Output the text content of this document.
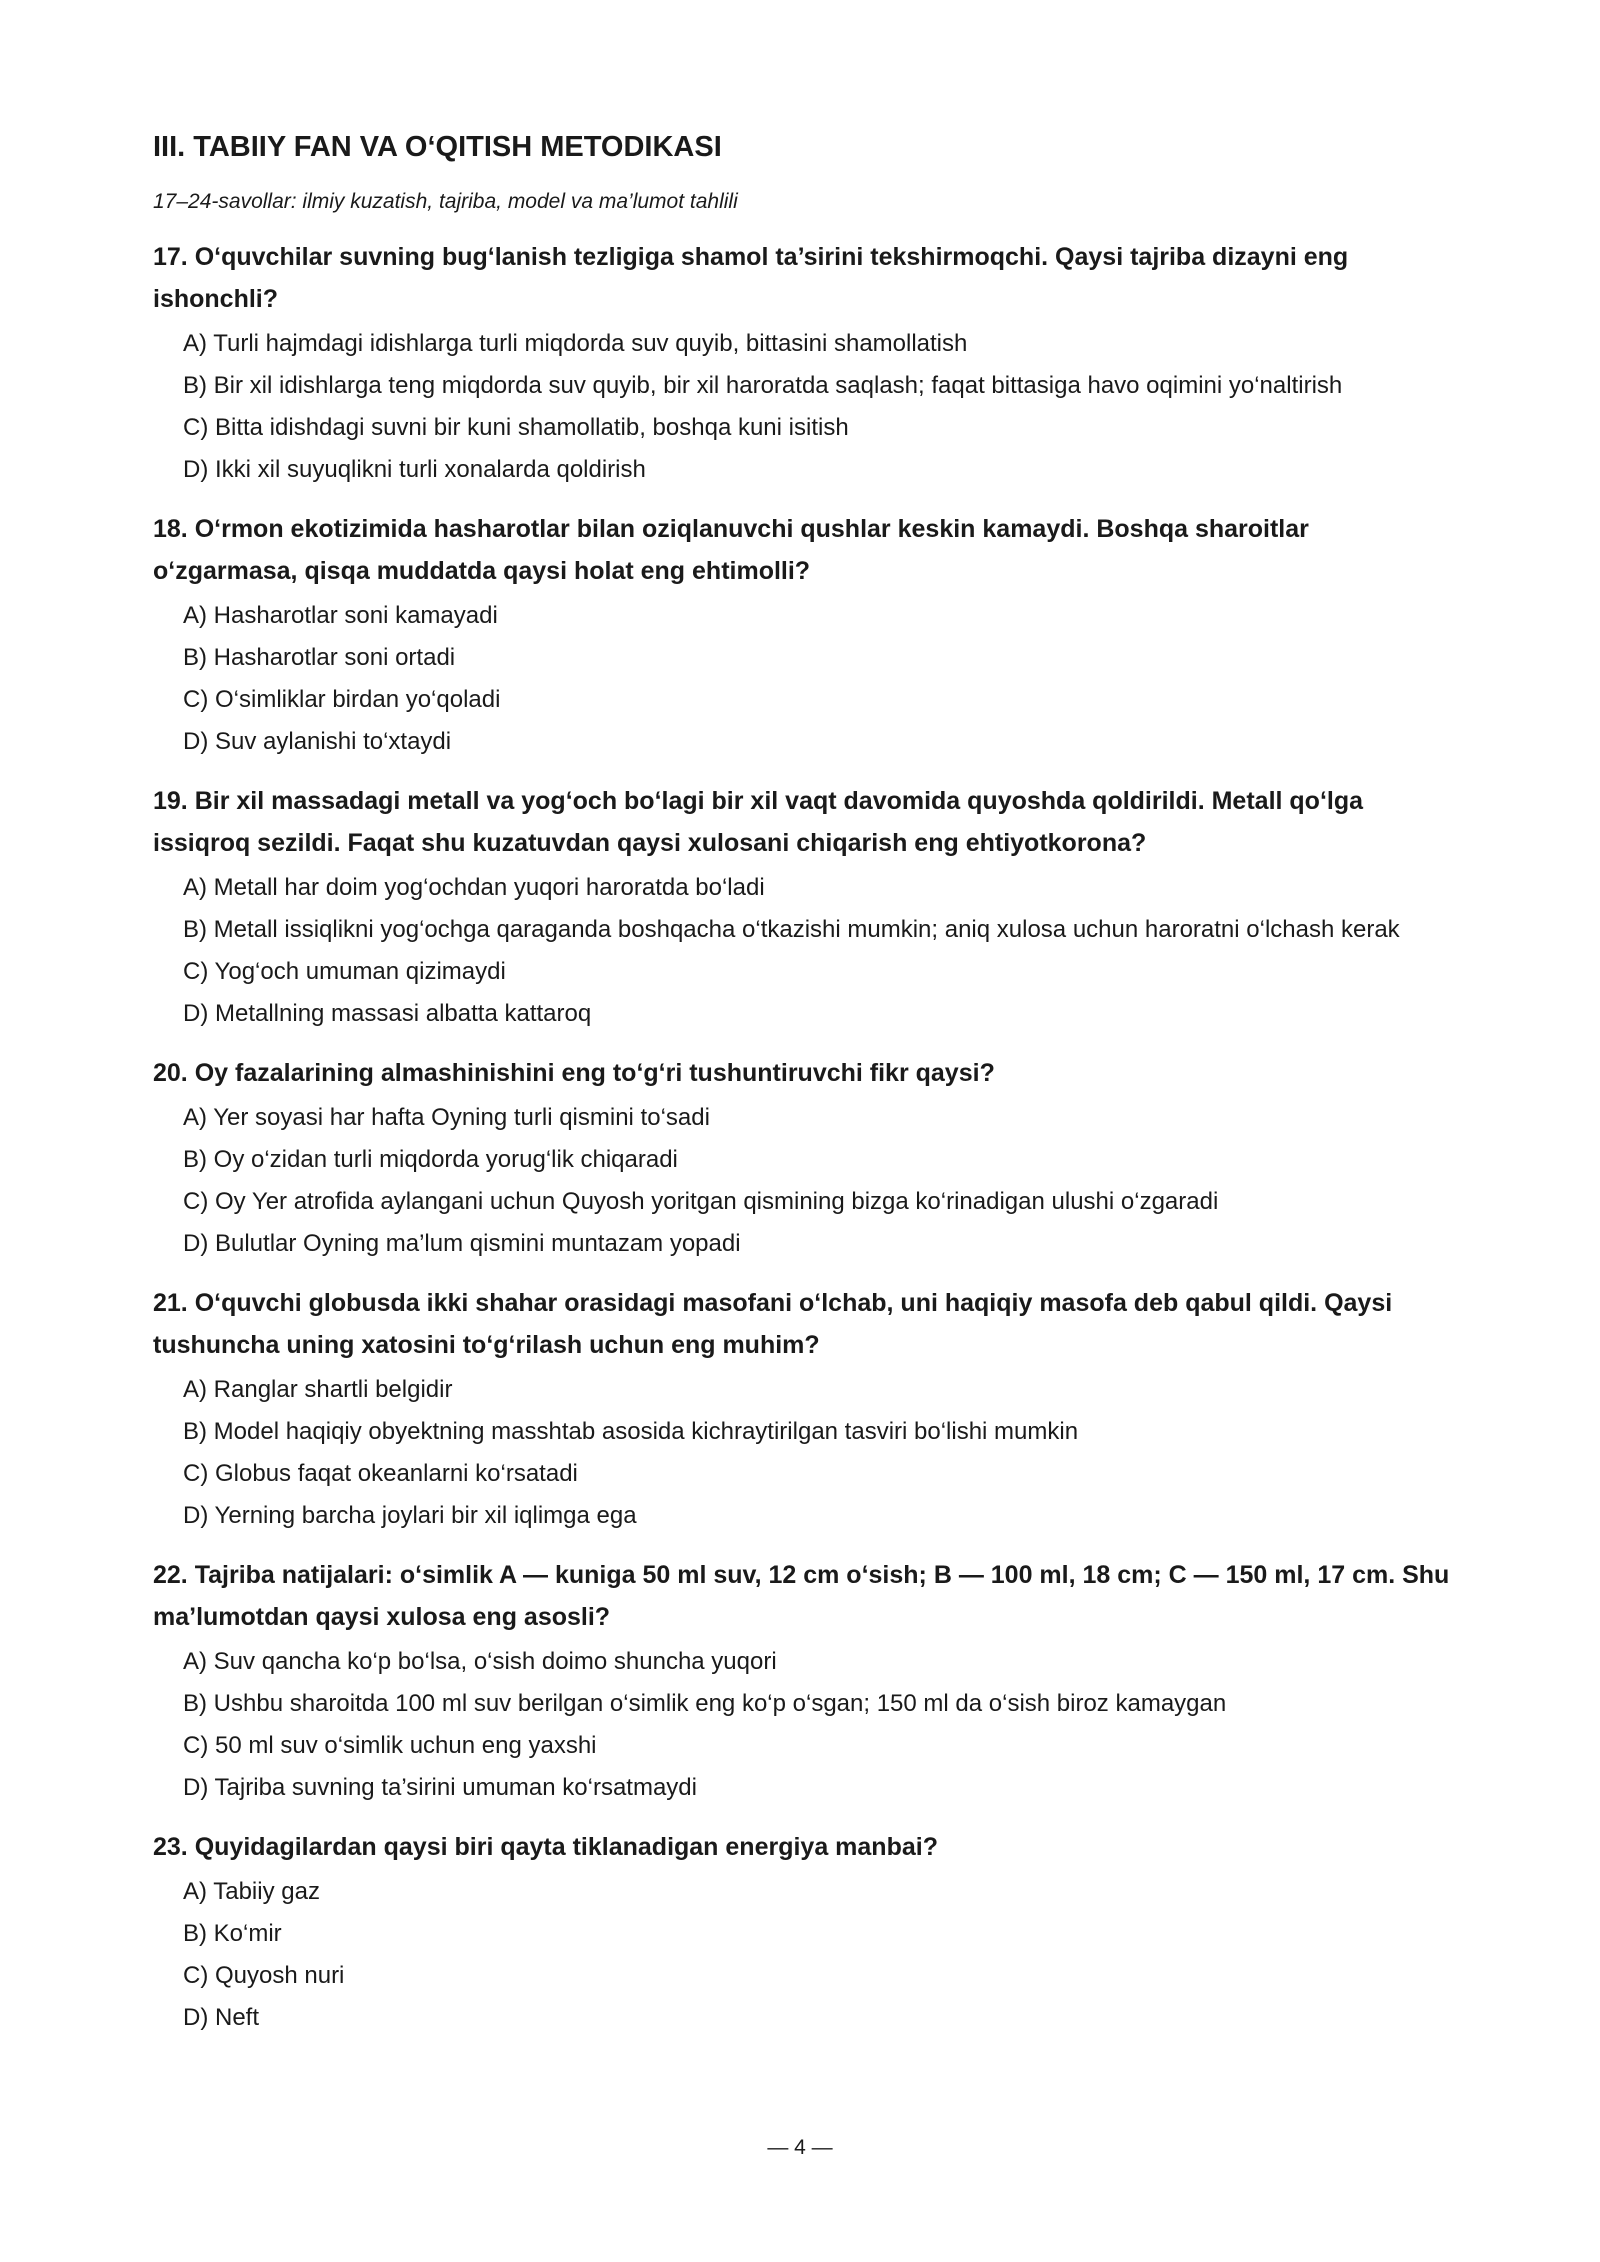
III. TABIIY FAN VA O‘QITISH METODIKASI

17–24-savollar: ilmiy kuzatish, tajriba, model va ma’lumot tahlili

17. O‘quvchilar suvning bug‘lanish tezligiga shamol ta’sirini tekshirmoqchi. Qaysi tajriba dizayni eng ishonchli?

A) Turli hajmdagi idishlarga turli miqdorda suv quyib, bittasini shamollatish
B) Bir xil idishlarga teng miqdorda suv quyib, bir xil haroratda saqlash; faqat bittasiga havo oqimini yo‘naltirish
C) Bitta idishdagi suvni bir kuni shamollatib, boshqa kuni isitish
D) Ikki xil suyuqlikni turli xonalarda qoldirish

18. O‘rmon ekotizimida hasharotlar bilan oziqlanuvchi qushlar keskin kamaydi. Boshqa sharoitlar o‘zgarmasa, qisqa muddatda qaysi holat eng ehtimolli?

A) Hasharotlar soni kamayadi
B) Hasharotlar soni ortadi
C) O‘simliklar birdan yo‘qoladi
D) Suv aylanishi to‘xtaydi

19. Bir xil massadagi metall va yog‘och bo‘lagi bir xil vaqt davomida quyoshda qoldirildi. Metall qo‘lga issiqroq sezildi. Faqat shu kuzatuvdan qaysi xulosani chiqarish eng ehtiyotkorona?

A) Metall har doim yog‘ochdan yuqori haroratda bo‘ladi
B) Metall issiqlikni yog‘ochga qaraganda boshqacha o‘tkazishi mumkin; aniq xulosa uchun haroratni o‘lchash kerak
C) Yog‘och umuman qizimaydi
D) Metallning massasi albatta kattaroq

20. Oy fazalarining almashinishini eng to‘g‘ri tushuntiruvchi fikr qaysi?

A) Yer soyasi har hafta Oyning turli qismini to‘sadi
B) Oy o‘zidan turli miqdorda yorug‘lik chiqaradi
C) Oy Yer atrofida aylangani uchun Quyosh yoritgan qismining bizga ko‘rinadigan ulushi o‘zgaradi
D) Bulutlar Oyning ma’lum qismini muntazam yopadi

21. O‘quvchi globusda ikki shahar orasidagi masofani o‘lchab, uni haqiqiy masofa deb qabul qildi. Qaysi tushuncha uning xatosini to‘g‘rilash uchun eng muhim?

A) Ranglar shartli belgidir
B) Model haqiqiy obyektning masshtab asosida kichraytirilgan tasviri bo‘lishi mumkin
C) Globus faqat okeanlarni ko‘rsatadi
D) Yerning barcha joylari bir xil iqlimga ega

22. Tajriba natijalari: o‘simlik A — kuniga 50 ml suv, 12 cm o‘sish; B — 100 ml, 18 cm; C — 150 ml, 17 cm. Shu ma’lumotdan qaysi xulosa eng asosli?

A) Suv qancha ko‘p bo‘lsa, o‘sish doimo shuncha yuqori
B) Ushbu sharoitda 100 ml suv berilgan o‘simlik eng ko‘p o‘sgan; 150 ml da o‘sish biroz kamaygan
C) 50 ml suv o‘simlik uchun eng yaxshi
D) Tajriba suvning ta’sirini umuman ko‘rsatmaydi

23. Quyidagilardan qaysi biri qayta tiklanadigan energiya manbai?

A) Tabiiy gaz
B) Ko‘mir
C) Quyosh nuri
D) Neft
— 4 —
